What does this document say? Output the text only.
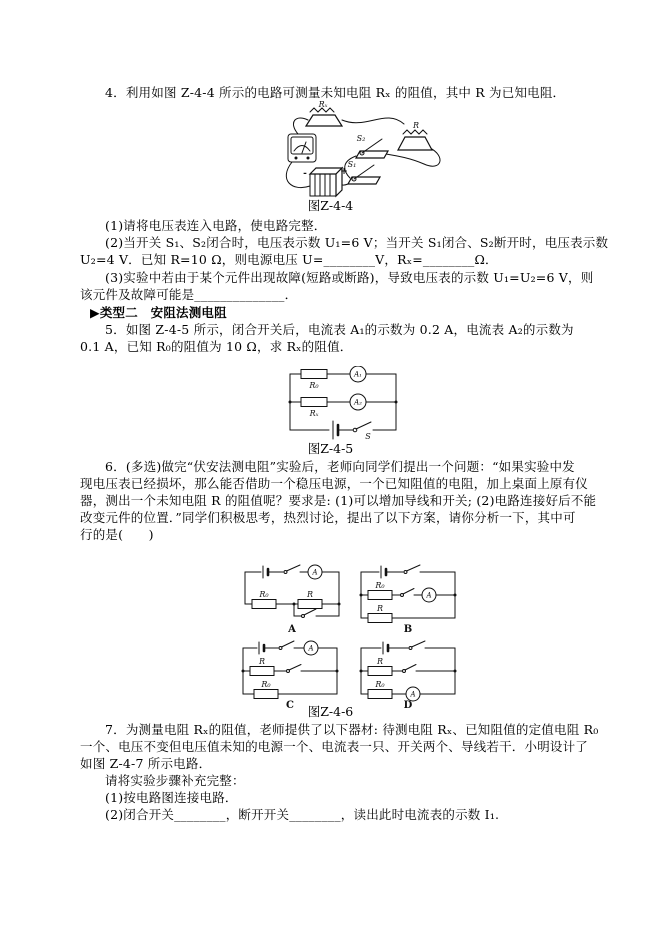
4．利用如图 Z-4-4 所示的电路可测量未知电阻 Rₓ 的阻值，其中 R 为已知电阻．
Rₓ
R
+
-
S₂
S₁
图Z-4-4
(1)请将电压表连入电路，使电路完整．
(2)当开关 S₁、S₂闭合时，电压表示数 U₁=6 V；当开关 S₁闭合、S₂断开时，电压表示数
U₂=4 V．已知 R=10 Ω，则电源电压 U=________V，Rₓ=________Ω．
(3)实验中若由于某个元件出现故障(短路或断路)，导致电压表的示数 U₁=U₂=6 V，则
该元件及故障可能是______________．
▶类型二　安阻法测电阻
5．如图 Z-4-5 所示，闭合开关后，电流表 A₁的示数为 0.2 A，电流表 A₂的示数为
0.1 A，已知 R₀的阻值为 10 Ω，求 Rₓ的阻值．
R₀
A₁
Rₓ
A₂
S
图Z-4-5
6．(多选)做完“伏安法测电阻”实验后，老师向同学们提出一个问题：“如果实验中发
现电压表已经损坏，那么能否借助一个稳压电源，一个已知阻值的电阻，加上桌面上原有仪
器，测出一个未知电阻 R 的阻值呢？要求是: (1)可以增加导线和开关; (2)电路连接好后不能
改变元件的位置．”同学们积极思考，热烈讨论，提出了以下方案，请你分析一下，其中可
行的是(　　)
A
R₀	R
A
R₀
A
R
B
A
R
R₀
C
R
R₀
A
D
图Z-4-6
7．为测量电阻 Rₓ的阻值，老师提供了以下器材: 待测电阻 Rₓ、已知阻值的定值电阻 R₀
一个、电压不变但电压值未知的电源一个、电流表一只、开关两个、导线若干．小明设计了
如图 Z-4-7 所示电路．
请将实验步骤补充完整：
(1)按电路图连接电路．
(2)闭合开关________，断开开关________，读出此时电流表的示数 I₁.
